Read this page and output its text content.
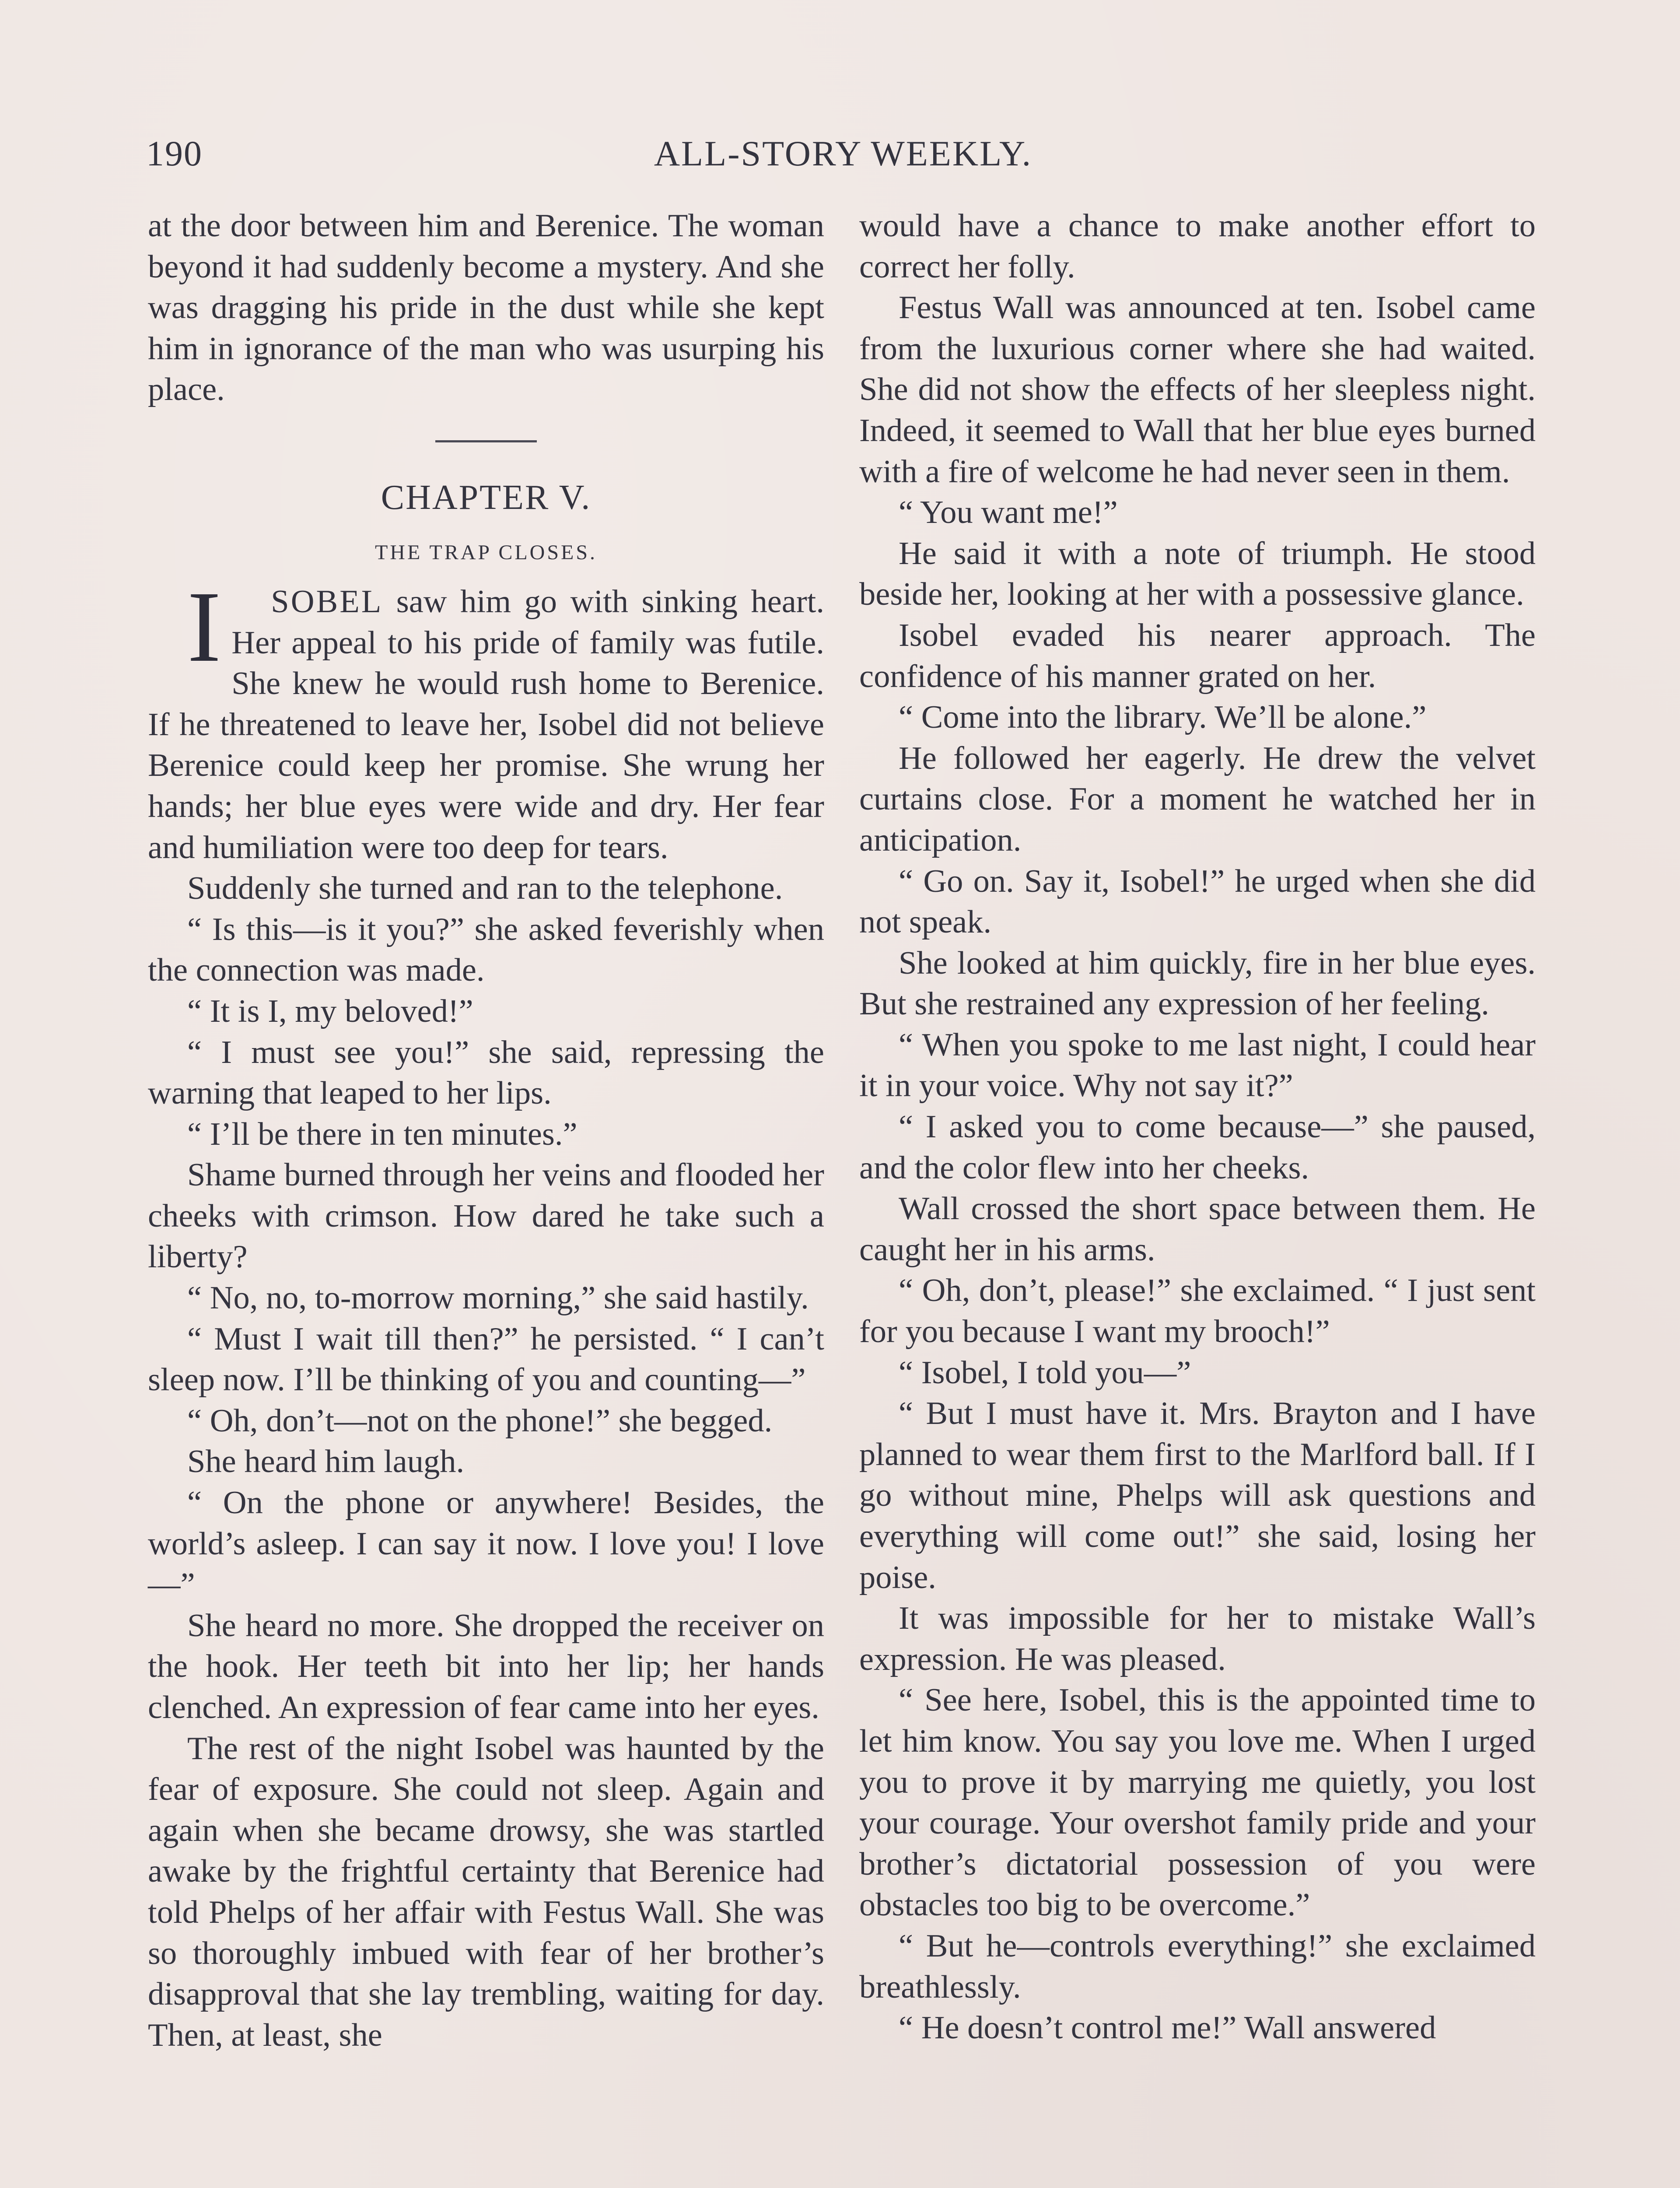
190	ALL-STORY WEEKLY.

at the door between him and Berenice. The woman beyond it had suddenly become a mystery. And she was dragging his pride in the dust while she kept him in ignorance of the man who was usurping his place.

CHAPTER V.
THE TRAP CLOSES.

I SOBEL saw him go with sinking heart. Her appeal to his pride of family was futile. She knew he would rush home to Berenice. If he threatened to leave her, Isobel did not believe Berenice could keep her promise. She wrung her hands; her blue eyes were wide and dry. Her fear and humiliation were too deep for tears.

Suddenly she turned and ran to the telephone.

“ Is this—is it you?” she asked feverishly when the connection was made.

“ It is I, my beloved!”

“ I must see you!” she said, repressing the warning that leaped to her lips.

“ I’ll be there in ten minutes.”

Shame burned through her veins and flooded her cheeks with crimson. How dared he take such a liberty?

“ No, no, to-morrow morning,” she said hastily.

“ Must I wait till then?” he persisted. “ I can’t sleep now. I’ll be thinking of you and counting—”

“ Oh, don’t—not on the phone!” she begged.

She heard him laugh.

“ On the phone or anywhere! Besides, the world’s asleep. I can say it now. I love you! I love—”

She heard no more. She dropped the receiver on the hook. Her teeth bit into her lip; her hands clenched. An expression of fear came into her eyes.

The rest of the night Isobel was haunted by the fear of exposure. She could not sleep. Again and again when she became drowsy, she was startled awake by the frightful certainty that Berenice had told Phelps of her affair with Festus Wall. She was so thoroughly imbued with fear of her brother’s disapproval that she lay trembling, waiting for day. Then, at least, she

would have a chance to make another effort to correct her folly.

Festus Wall was announced at ten. Isobel came from the luxurious corner where she had waited. She did not show the effects of her sleepless night. Indeed, it seemed to Wall that her blue eyes burned with a fire of welcome he had never seen in them.

“ You want me!”

He said it with a note of triumph. He stood beside her, looking at her with a possessive glance.

Isobel evaded his nearer approach. The confidence of his manner grated on her.

“ Come into the library. We’ll be alone.”

He followed her eagerly. He drew the velvet curtains close. For a moment he watched her in anticipation.

“ Go on. Say it, Isobel!” he urged when she did not speak.

She looked at him quickly, fire in her blue eyes. But she restrained any expression of her feeling.

“ When you spoke to me last night, I could hear it in your voice. Why not say it?”

“ I asked you to come because—” she paused, and the color flew into her cheeks.

Wall crossed the short space between them. He caught her in his arms.

“ Oh, don’t, please!” she exclaimed. “ I just sent for you because I want my brooch!”

“ Isobel, I told you—”

“ But I must have it. Mrs. Brayton and I have planned to wear them first to the Marlford ball. If I go without mine, Phelps will ask questions and everything will come out!” she said, losing her poise.

It was impossible for her to mistake Wall’s expression. He was pleased.

“ See here, Isobel, this is the appointed time to let him know. You say you love me. When I urged you to prove it by marrying me quietly, you lost your courage. Your overshot family pride and your brother’s dictatorial possession of you were obstacles too big to be overcome.”

“ But he—controls everything!” she exclaimed breathlessly.

“ He doesn’t control me!” Wall answered
